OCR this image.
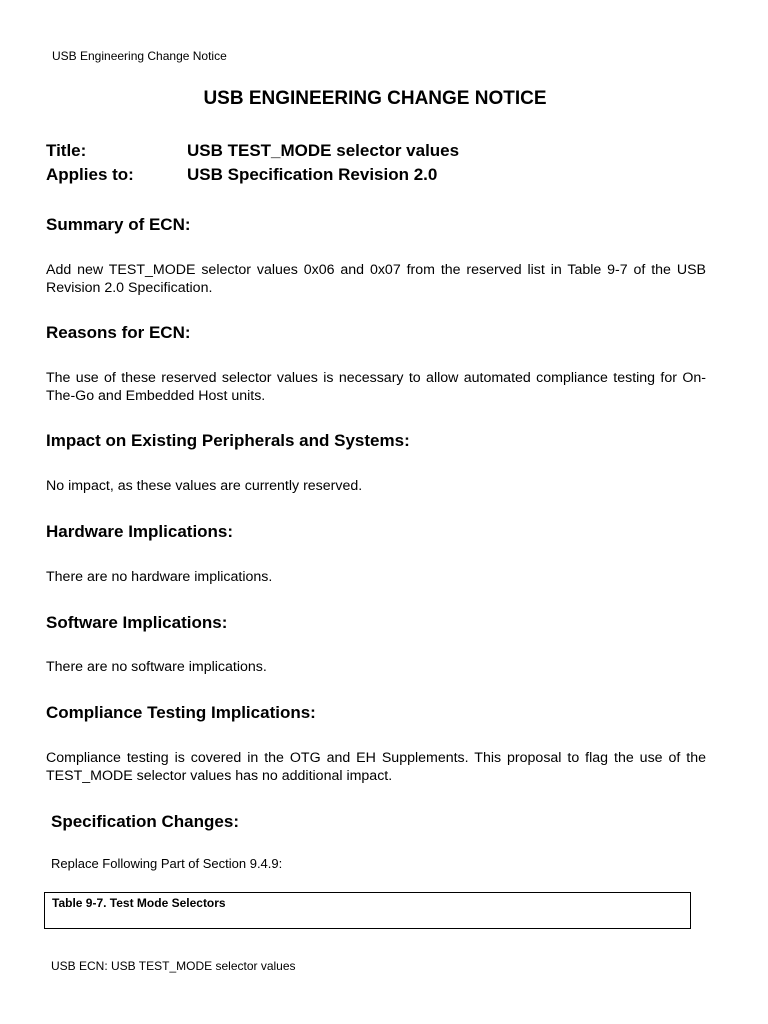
USB Engineering Change Notice
USB ENGINEERING CHANGE NOTICE
Title:	USB TEST_MODE selector values
Applies to:	USB Specification Revision 2.0
Summary of ECN:
Add new TEST_MODE selector values 0x06 and 0x07 from the reserved list in Table 9-7 of the USB Revision 2.0 Specification.
Reasons for ECN:
The use of these reserved selector values is necessary to allow automated compliance testing for On-The-Go and Embedded Host units.
Impact on Existing Peripherals and Systems:
No impact, as these values are currently reserved.
Hardware Implications:
There are no hardware implications.
Software Implications:
There are no software implications.
Compliance Testing Implications:
Compliance testing is covered in the OTG and EH Supplements. This proposal to flag the use of the TEST_MODE selector values has no additional impact.
Specification Changes:
Replace Following Part of Section 9.4.9:
Table 9-7. Test Mode Selectors
USB ECN: USB TEST_MODE selector values
